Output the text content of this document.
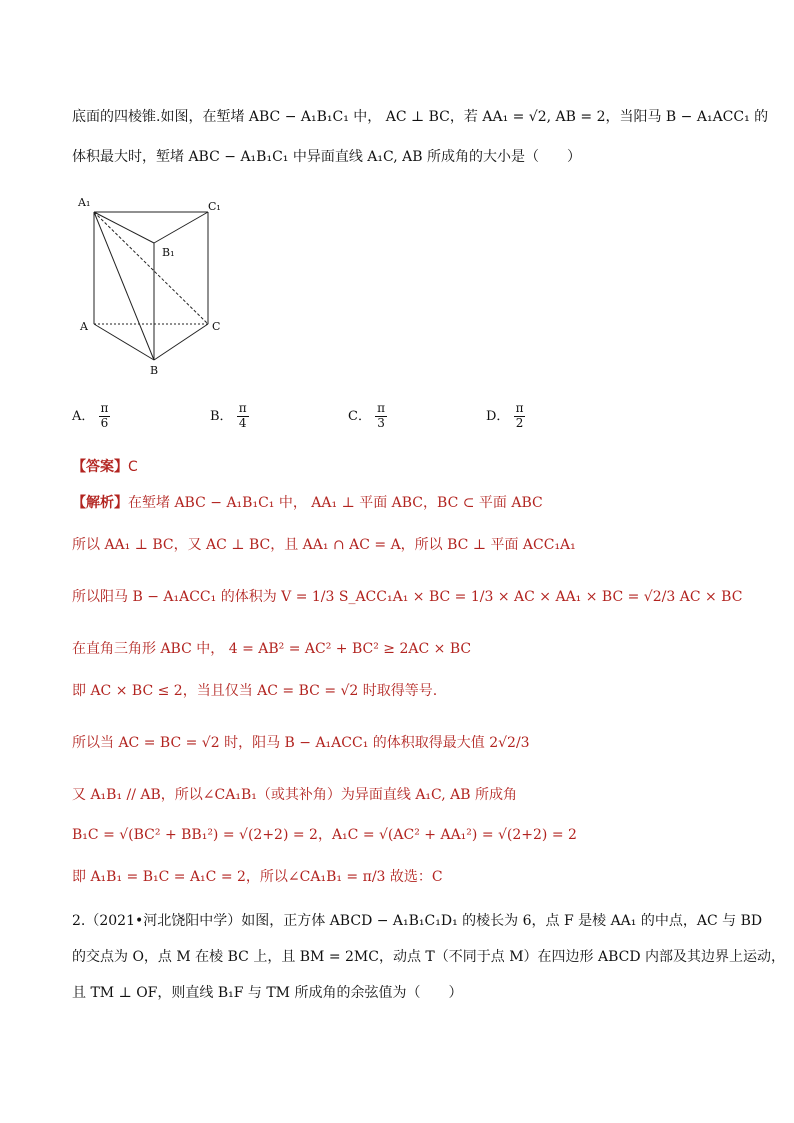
底面的四棱锥.如图，在堑堵 ABC − A₁B₁C₁ 中， AC ⊥ BC，若 AA₁ = √2, AB = 2，当阳马 B − A₁ACC₁ 的
体积最大时，堑堵 ABC − A₁B₁C₁ 中异面直线 A₁C, AB 所成角的大小是（　　）
A₁	C₁
B₁
A	C
B
A． $\frac{\pi}{6}$	B． $\frac{\pi}{4}$	C． $\frac{\pi}{3}$	D． $\frac{\pi}{2}$
【答案】C
【解析】在堑堵 ABC − A₁B₁C₁ 中， AA₁ ⊥ 平面 ABC，BC ⊂ 平面 ABC
所以 AA₁ ⊥ BC，又 AC ⊥ BC，且 AA₁ ∩ AC = A，所以 BC ⊥ 平面 ACC₁A₁
所以阳马 B − A₁ACC₁ 的体积为 V = 1/3 S_ACC₁A₁ × BC = 1/3 × AC × AA₁ × BC = √2/3 AC × BC
在直角三角形 ABC 中， 4 = AB² = AC² + BC² ≥ 2AC × BC
即 AC × BC ≤ 2，当且仅当 AC = BC = √2 时取得等号.
所以当 AC = BC = √2 时，阳马 B − A₁ACC₁ 的体积取得最大值 2√2/3
又 A₁B₁ // AB，所以∠CA₁B₁（或其补角）为异面直线 A₁C, AB 所成角
B₁C = √(BC² + BB₁²) = √(2+2) = 2，A₁C = √(AC² + AA₁²) = √(2+2) = 2
即 A₁B₁ = B₁C = A₁C = 2，所以∠CA₁B₁ = π/3 故选：C
2.（2021•河北饶阳中学）如图，正方体 ABCD − A₁B₁C₁D₁ 的棱长为 6，点 F 是棱 AA₁ 的中点，AC 与 BD
的交点为 O，点 M 在棱 BC 上，且 BM = 2MC，动点 T（不同于点 M）在四边形 ABCD 内部及其边界上运动，
且 TM ⊥ OF，则直线 B₁F 与 TM 所成角的余弦值为（　　）
